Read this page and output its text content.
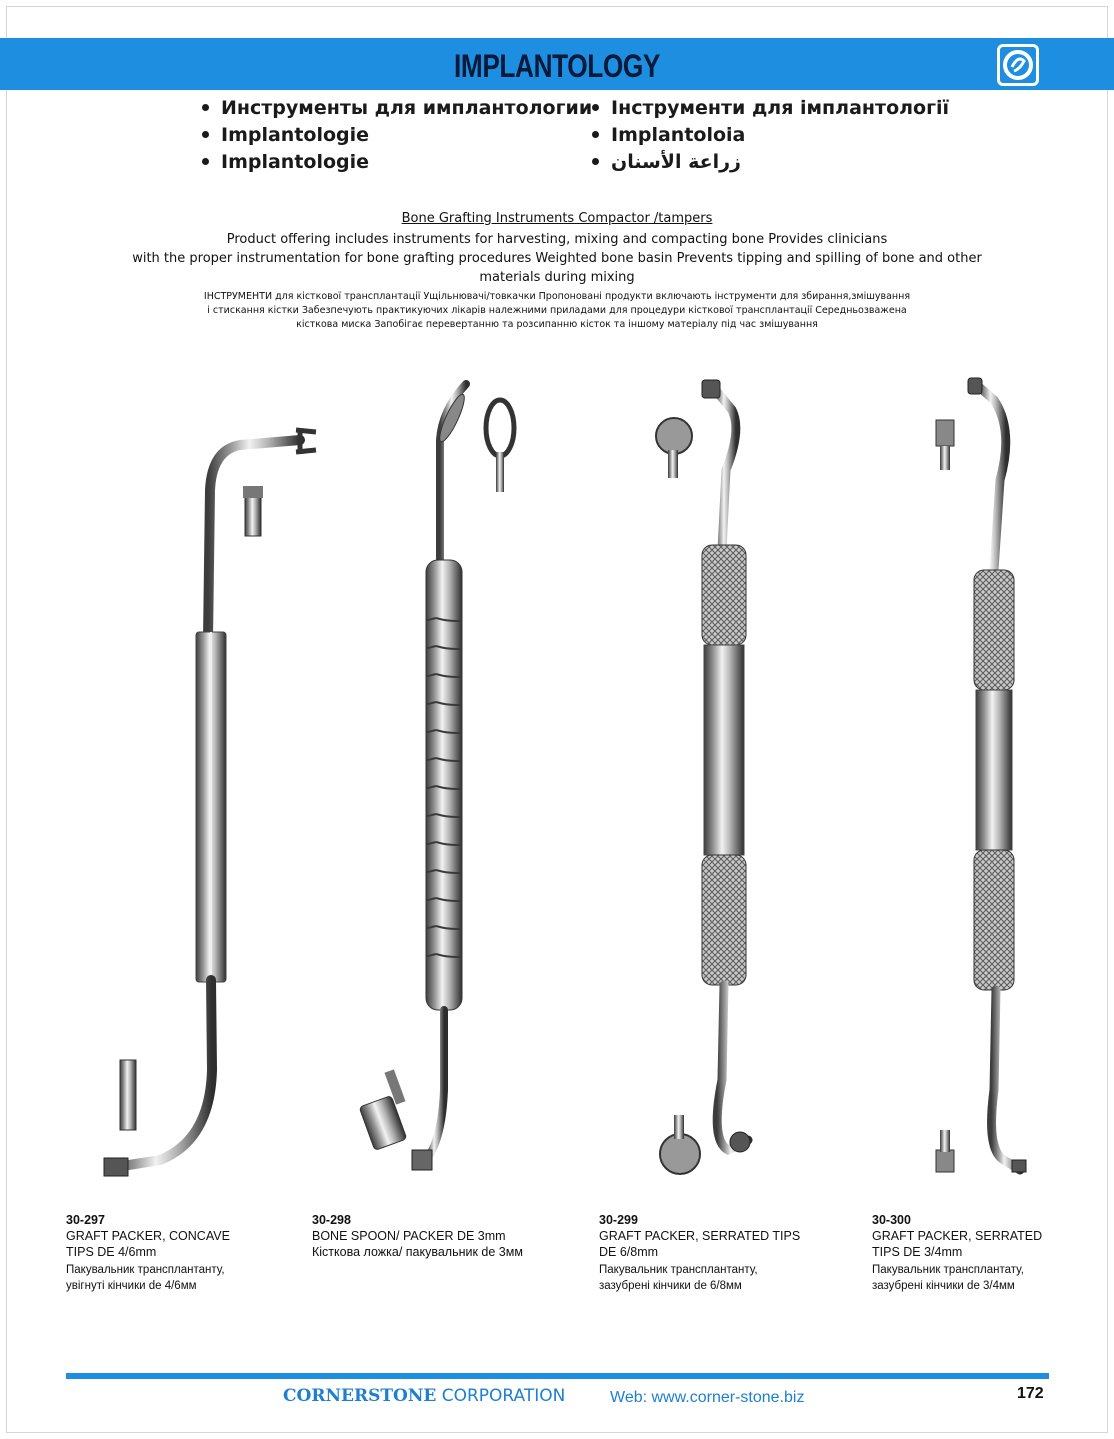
IMPLANTOLOGY
Инструменты для имплантологии
Implantologie
Implantologie
Інструменти для імплантології
Implantoloia
زراعة الأسنان
Bone Grafting Instruments Compactor /tampers
Product offering includes instruments for harvesting, mixing and compacting bone Provides clinicians
with the proper instrumentation for bone grafting procedures Weighted bone basin Prevents tipping and spilling of bone and other
materials during mixing
ІНСТРУМЕНТИ для кісткової трансплантації Ущільнювачі/товкачки Пропоновані продукти включають інструменти для збирання,змішування
і стискання кістки Забезпечують практикуючих лікарів належними приладами для процедури кісткової трансплантації Середньозважена
кісткова миска Запобігає перевертанню та розсипанню кісток та іншому матеріалу під час змішування
30-297
GRAFT PACKER, CONCAVE
TIPS DE 4/6mm
Пакувальник трансплантанту,
увігнуті кінчики de 4/6мм
30-298
BONE SPOON/ PACKER DE 3mm
Кісткова ложка/ пакувальник de 3мм
30-299
GRAFT PACKER, SERRATED TIPS
DE 6/8mm
Пакувальник трансплантанту,
зазубрені кінчики de 6/8мм
30-300
GRAFT PACKER, SERRATED
TIPS DE 3/4mm
Пакувальник трансплантату,
зазубрені кінчики de 3/4мм
CORNERSTONE CORPORATION	Web: www.corner-stone.biz	172
